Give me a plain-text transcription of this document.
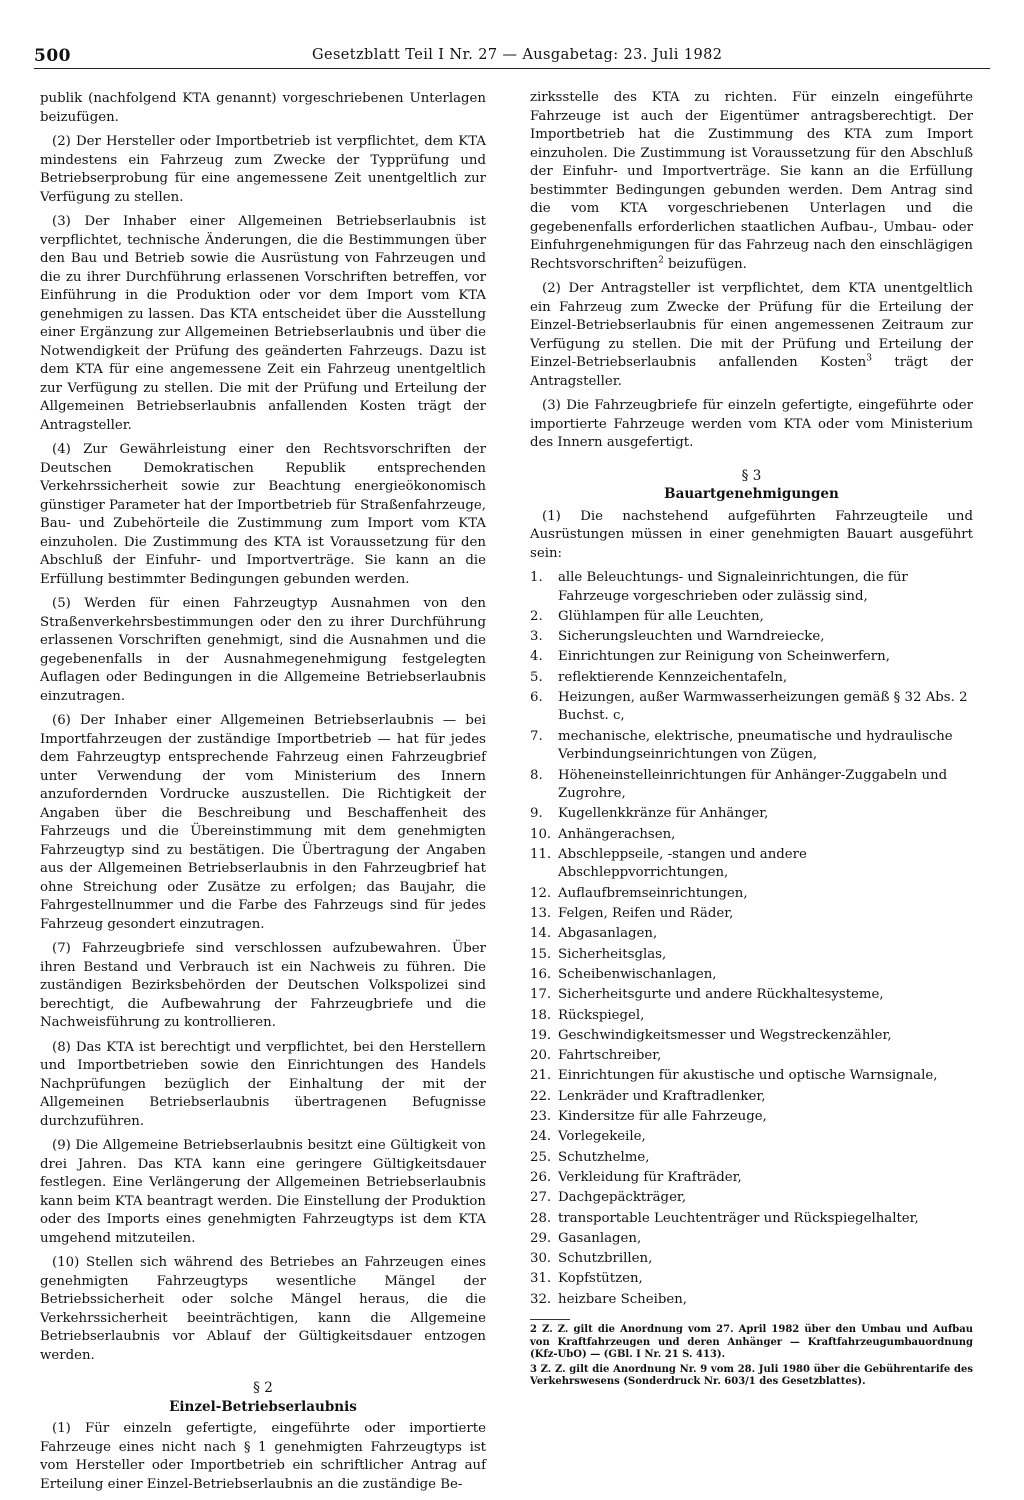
500	Gesetzblatt Teil I Nr. 27 — Ausgabetag: 23. Juli 1982

publik (nachfolgend KTA genannt) vorgeschriebenen Unterlagen beizufügen.

(2) Der Hersteller oder Importbetrieb ist verpflichtet, dem KTA mindestens ein Fahrzeug zum Zwecke der Typprüfung und Betriebserprobung für eine angemessene Zeit unentgeltlich zur Verfügung zu stellen.

(3) Der Inhaber einer Allgemeinen Betriebserlaubnis ist verpflichtet, technische Änderungen, die die Bestimmungen über den Bau und Betrieb sowie die Ausrüstung von Fahrzeugen und die zu ihrer Durchführung erlassenen Vorschriften betreffen, vor Einführung in die Produktion oder vor dem Import vom KTA genehmigen zu lassen. Das KTA entscheidet über die Ausstellung einer Ergänzung zur Allgemeinen Betriebserlaubnis und über die Notwendigkeit der Prüfung des geänderten Fahrzeugs. Dazu ist dem KTA für eine angemessene Zeit ein Fahrzeug unentgeltlich zur Verfügung zu stellen. Die mit der Prüfung und Erteilung der Allgemeinen Betriebserlaubnis anfallenden Kosten trägt der Antragsteller.

(4) Zur Gewährleistung einer den Rechtsvorschriften der Deutschen Demokratischen Republik entsprechenden Verkehrssicherheit sowie zur Beachtung energieökonomisch günstiger Parameter hat der Importbetrieb für Straßenfahrzeuge, Bau- und Zubehörteile die Zustimmung zum Import vom KTA einzuholen. Die Zustimmung des KTA ist Voraussetzung für den Abschluß der Einfuhr- und Importverträge. Sie kann an die Erfüllung bestimmter Bedingungen gebunden werden.

(5) Werden für einen Fahrzeugtyp Ausnahmen von den Straßenverkehrsbestimmungen oder den zu ihrer Durchführung erlassenen Vorschriften genehmigt, sind die Ausnahmen und die gegebenenfalls in der Ausnahmegenehmigung festgelegten Auflagen oder Bedingungen in die Allgemeine Betriebserlaubnis einzutragen.

(6) Der Inhaber einer Allgemeinen Betriebserlaubnis — bei Importfahrzeugen der zuständige Importbetrieb — hat für jedes dem Fahrzeugtyp entsprechende Fahrzeug einen Fahrzeugbrief unter Verwendung der vom Ministerium des Innern anzufordernden Vordrucke auszustellen. Die Richtigkeit der Angaben über die Beschreibung und Beschaffenheit des Fahrzeugs und die Übereinstimmung mit dem genehmigten Fahrzeugtyp sind zu bestätigen. Die Übertragung der Angaben aus der Allgemeinen Betriebserlaubnis in den Fahrzeugbrief hat ohne Streichung oder Zusätze zu erfolgen; das Baujahr, die Fahrgestellnummer und die Farbe des Fahrzeugs sind für jedes Fahrzeug gesondert einzutragen.

(7) Fahrzeugbriefe sind verschlossen aufzubewahren. Über ihren Bestand und Verbrauch ist ein Nachweis zu führen. Die zuständigen Bezirksbehörden der Deutschen Volkspolizei sind berechtigt, die Aufbewahrung der Fahrzeugbriefe und die Nachweisführung zu kontrollieren.

(8) Das KTA ist berechtigt und verpflichtet, bei den Herstellern und Importbetrieben sowie den Einrichtungen des Handels Nachprüfungen bezüglich der Einhaltung der mit der Allgemeinen Betriebserlaubnis übertragenen Befugnisse durchzuführen.

(9) Die Allgemeine Betriebserlaubnis besitzt eine Gültigkeit von drei Jahren. Das KTA kann eine geringere Gültigkeitsdauer festlegen. Eine Verlängerung der Allgemeinen Betriebserlaubnis kann beim KTA beantragt werden. Die Einstellung der Produktion oder des Imports eines genehmigten Fahrzeugtyps ist dem KTA umgehend mitzuteilen.

(10) Stellen sich während des Betriebes an Fahrzeugen eines genehmigten Fahrzeugtyps wesentliche Mängel der Betriebssicherheit oder solche Mängel heraus, die die Verkehrssicherheit beeinträchtigen, kann die Allgemeine Betriebserlaubnis vor Ablauf der Gültigkeitsdauer entzogen werden.

§ 2
Einzel-Betriebserlaubnis

(1) Für einzeln gefertigte, eingeführte oder importierte Fahrzeuge eines nicht nach § 1 genehmigten Fahrzeugtyps ist vom Hersteller oder Importbetrieb ein schriftlicher Antrag auf Erteilung einer Einzel-Betriebserlaubnis an die zuständige Be-

zirksstelle des KTA zu richten. Für einzeln eingeführte Fahrzeuge ist auch der Eigentümer antragsberechtigt. Der Importbetrieb hat die Zustimmung des KTA zum Import einzuholen. Die Zustimmung ist Voraussetzung für den Abschluß der Einfuhr- und Importverträge. Sie kann an die Erfüllung bestimmter Bedingungen gebunden werden. Dem Antrag sind die vom KTA vorgeschriebenen Unterlagen und die gegebenenfalls erforderlichen staatlichen Aufbau-, Umbau- oder Einfuhrgenehmigungen für das Fahrzeug nach den einschlägigen Rechtsvorschriften$^2$ beizufügen.

(2) Der Antragsteller ist verpflichtet, dem KTA unentgeltlich ein Fahrzeug zum Zwecke der Prüfung für die Erteilung der Einzel-Betriebserlaubnis für einen angemessenen Zeitraum zur Verfügung zu stellen. Die mit der Prüfung und Erteilung der Einzel-Betriebserlaubnis anfallenden Kosten$^3$ trägt der Antragsteller.

(3) Die Fahrzeugbriefe für einzeln gefertigte, eingeführte oder importierte Fahrzeuge werden vom KTA oder vom Ministerium des Innern ausgefertigt.

§ 3
Bauartgenehmigungen

(1) Die nachstehend aufgeführten Fahrzeugteile und Ausrüstungen müssen in einer genehmigten Bauart ausgeführt sein:

1.	alle Beleuchtungs- und Signaleinrichtungen, die für Fahrzeuge vorgeschrieben oder zulässig sind,
2.	Glühlampen für alle Leuchten,
3.	Sicherungsleuchten und Warndreiecke,
4.	Einrichtungen zur Reinigung von Scheinwerfern,
5.	reflektierende Kennzeichentafeln,
6.	Heizungen, außer Warmwasserheizungen gemäß § 32 Abs. 2 Buchst. c,
7.	mechanische, elektrische, pneumatische und hydraulische Verbindungseinrichtungen von Zügen,
8.	Höheneinstelleinrichtungen für Anhänger-Zuggabeln und Zugrohre,
9.	Kugellenkkränze für Anhänger,
10. Anhängerachsen,
11. Abschleppseile, -stangen und andere Abschleppvorrichtungen,
12. Auflaufbremseinrichtungen,
13. Felgen, Reifen und Räder,
14. Abgasanlagen,
15. Sicherheitsglas,
16. Scheibenwischanlagen,
17. Sicherheitsgurte und andere Rückhaltesysteme,
18. Rückspiegel,
19. Geschwindigkeitsmesser und Wegstreckenzähler,
20. Fahrtschreiber,
21. Einrichtungen für akustische und optische Warnsignale,
22. Lenkräder und Kraftradlenker,
23. Kindersitze für alle Fahrzeuge,
24. Vorlegekeile,
25. Schutzhelme,
26. Verkleidung für Krafträder,
27. Dachgepäckträger,
28. transportable Leuchtenträger und Rückspiegelhalter,
29. Gasanlagen,
30. Schutzbrillen,
31. Kopfstützen,
32. heizbare Scheiben,
2 Z. Z. gilt die Anordnung vom 27. April 1982 über den Umbau und Aufbau von Kraftfahrzeugen und deren Anhänger — Kraftfahrzeugumbauordnung (Kfz-UbO) — (GBl. I Nr. 21 S. 413).
3 Z. Z. gilt die Anordnung Nr. 9 vom 28. Juli 1980 über die Gebührentarife des Verkehrswesens (Sonderdruck Nr. 603/1 des Gesetzblattes).
